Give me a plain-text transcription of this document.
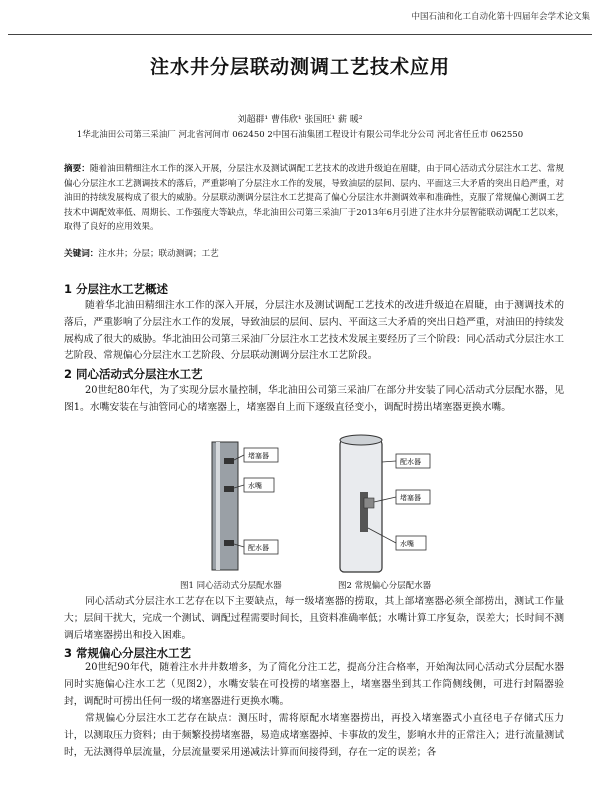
中国石油和化工自动化第十四届年会学术论文集
注水井分层联动测调工艺技术应用
刘超群¹ 曹伟欣¹ 张国旺¹ 薪 暖²
1华北油田公司第三采油厂 河北省河间市 062450 2中国石油集团工程设计有限公司华北分公司 河北省任丘市 062550
摘要：随着油田精细注水工作的深入开展，分层注水及测试调配工艺技术的改进升级迫在眉睫，由于同心活动式分层注水工艺、常规偏心分层注水工艺测调技术的落后，严重影响了分层注水工作的发展，导致油层的层间、层内、平面这三大矛盾的突出日趋严重，对油田的持续发展构成了很大的威胁。分层联动测调分层注水工艺提高了偏心分层注水井测调效率和准确性，克服了常规偏心测调工艺技术中调配效率低、周期长、工作强度大等缺点，华北油田公司第三采油厂于2013年6月引进了注水井分层智能联动调配工艺以来，取得了良好的应用效果。
关键词：注水井；分层；联动测调；工艺
1 分层注水工艺概述
随着华北油田精细注水工作的深入开展，分层注水及测试调配工艺技术的改进升级迫在眉睫，由于测调技术的落后，严重影响了分层注水工作的发展，导致油层的层间、层内、平面这三大矛盾的突出日趋严重，对油田的持续发展构成了很大的威胁。华北油田公司第三采油厂分层注水工艺技术发展主要经历了三个阶段：同心活动式分层注水工艺阶段、常规偏心分层注水工艺阶段、分层联动测调分层注水工艺阶段。
2 同心活动式分层注水工艺
20世纪80年代，为了实现分层水量控制，华北油田公司第三采油厂在部分井安装了同心活动式分层配水器，见图1。水嘴安装在与油管同心的堵塞器上，堵塞器自上而下逐级直径变小，调配时捞出堵塞器更换水嘴。
堵塞器
水嘴
配水器
配水器
堵塞器
水嘴
图1 同心活动式分层配水器	图2 常规偏心分层配水器
同心活动式分层注水工艺存在以下主要缺点，每一级堵塞器的捞取，其上部堵塞器必须全部捞出，测试工作量大；层间干扰大，完成一个测试、调配过程需要时间长，且资料准确率低；水嘴计算工序复杂，误差大；长时间不测调后堵塞器捞出和投入困难。
3 常规偏心分层注水工艺
20世纪90年代，随着注水井井数增多，为了简化分注工艺，提高分注合格率，开始淘汰同心活动式分层配水器同时实施偏心注水工艺（见图2），水嘴安装在可投捞的堵塞器上，堵塞器坐到其工作筒侧线侧，可进行封隔器验封，调配时可捞出任何一级的堵塞器进行更换水嘴。
常规偏心分层注水工艺存在缺点：测压时，需将原配水堵塞器捞出，再投入堵塞器式小直径电子存储式压力计，以测取压力资料；由于频繁投捞堵塞器，易造成堵塞器掉、卡事故的发生，影响水井的正常注入；进行流量测试时，无法测得单层流量，分层流量要采用递减法计算而间接得到，存在一定的误差；各
